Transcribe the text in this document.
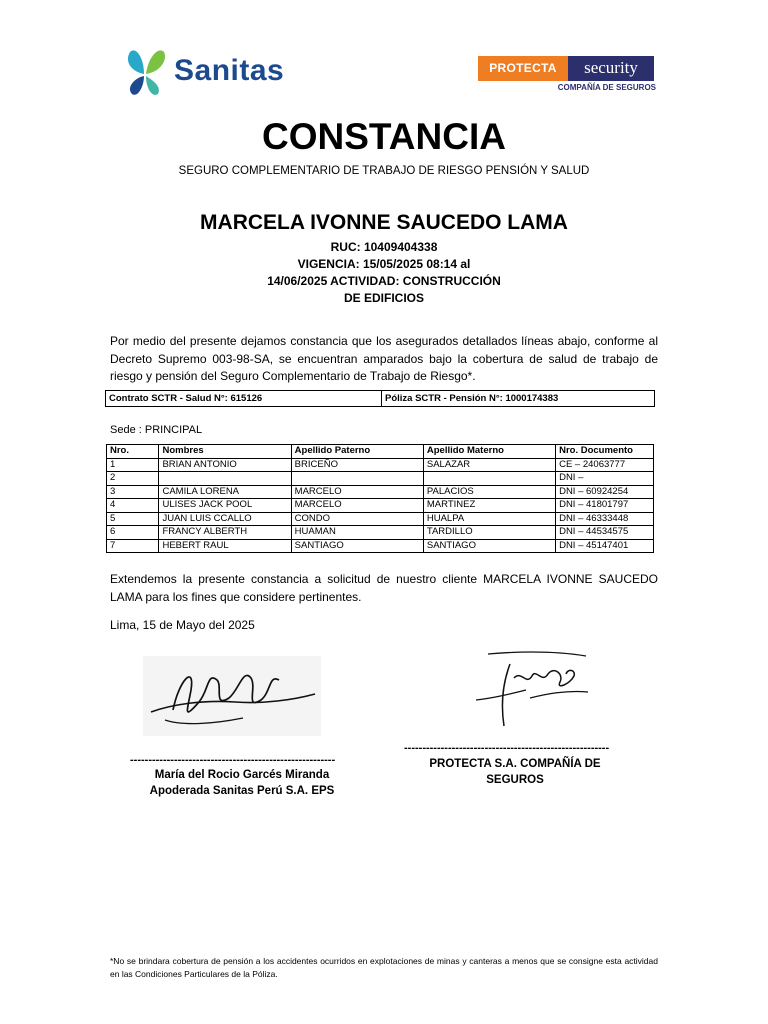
Sanitas	PROTECTA	security
COMPAÑÍA DE SEGUROS
CONSTANCIA
SEGURO COMPLEMENTARIO DE TRABAJO DE RIESGO PENSIÓN Y SALUD
MARCELA IVONNE SAUCEDO LAMA
RUC: 10409404338
VIGENCIA: 15/05/2025 08:14 al
14/06/2025 ACTIVIDAD: CONSTRUCCIÓN
DE EDIFICIOS
Por medio del presente dejamos constancia que los asegurados detallados líneas abajo, conforme al Decreto Supremo 003-98-SA, se encuentran amparados bajo la cobertura de salud de trabajo de riesgo y pensión del Seguro Complementario de Trabajo de Riesgo*.
Contrato SCTR - Salud N°: 615126	Póliza SCTR - Pensión N°: 1000174383
Sede : PRINCIPAL
Nro.	Nombres	Apellido Paterno	Apellido Materno	Nro. Documento
1	BRIAN ANTONIO	BRICEÑO	SALAZAR	CE – 24063777
2				DNI –
3	CAMILA LORENA	MARCELO	PALACIOS	DNI – 60924254
4	ULISES JACK POOL	MARCELO	MARTINEZ	DNI – 41801797
5	JUAN LUIS CCALLO	CONDO	HUALPA	DNI – 46333448
6	FRANCY ALBERTH	HUAMAN	TARDILLO	DNI – 44534575
7	HEBERT RAUL	SANTIAGO	SANTIAGO	DNI – 45147401
Extendemos la presente constancia a solicitud de nuestro cliente MARCELA IVONNE SAUCEDO LAMA para los fines que considere pertinentes.
Lima, 15 de Mayo del 2025
--------------------------------------------------------
María del Rocio Garcés Miranda
Apoderada Sanitas Perú S.A. EPS
--------------------------------------------------------
PROTECTA S.A. COMPAÑÍA DE SEGUROS
*No se brindara cobertura de pensión a los accidentes ocurridos en explotaciones de minas y canteras a menos que se consigne esta actividad en las Condiciones Particulares de la Póliza.
